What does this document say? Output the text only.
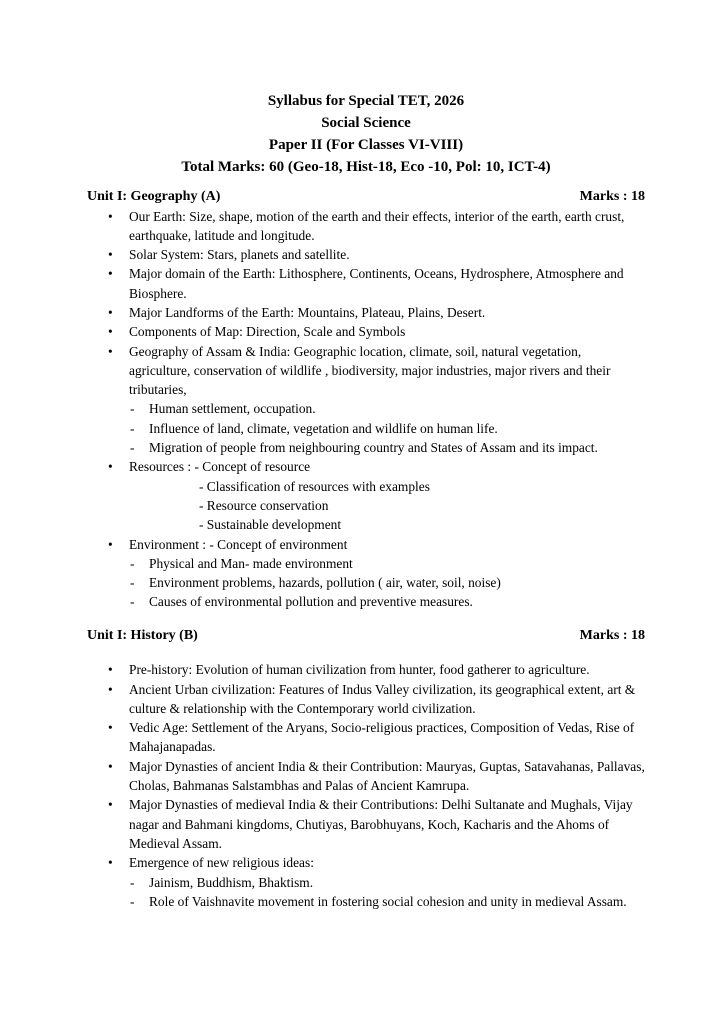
Syllabus for Special TET, 2026
Social Science
Paper II (For Classes VI-VIII)
Total Marks: 60 (Geo-18, Hist-18, Eco -10, Pol: 10, ICT-4)
Unit I: Geography (A)	Marks : 18
• Our Earth: Size, shape, motion of the earth and their effects, interior of the earth, earth crust, earthquake, latitude and longitude.
• Solar System: Stars, planets and satellite.
• Major domain of the Earth: Lithosphere, Continents, Oceans, Hydrosphere, Atmosphere and Biosphere.
• Major Landforms of the Earth: Mountains, Plateau, Plains, Desert.
• Components of Map: Direction, Scale and Symbols
• Geography of Assam & India: Geographic location, climate, soil, natural vegetation, agriculture, conservation of wildlife , biodiversity, major industries, major rivers and their tributaries,
- Human settlement, occupation.
- Influence of land, climate, vegetation and wildlife on human life.
- Migration of people from neighbouring country and States of Assam and its impact.
• Resources : - Concept of resource
- Classification of resources with examples
- Resource conservation
- Sustainable development
• Environment : - Concept of environment
- Physical and Man- made environment
- Environment problems, hazards, pollution ( air, water, soil, noise)
- Causes of environmental pollution and preventive measures.
Unit I: History (B)	Marks : 18
• Pre-history: Evolution of human civilization from hunter, food gatherer to agriculture.
• Ancient Urban civilization: Features of Indus Valley civilization, its geographical extent, art & culture & relationship with the Contemporary world civilization.
• Vedic Age: Settlement of the Aryans, Socio-religious practices, Composition of Vedas, Rise of Mahajanapadas.
• Major Dynasties of ancient India & their Contribution: Mauryas, Guptas, Satavahanas, Pallavas, Cholas, Bahmanas Salstambhas and Palas of Ancient Kamrupa.
• Major Dynasties of medieval India & their Contributions: Delhi Sultanate and Mughals, Vijay nagar and Bahmani kingdoms, Chutiyas, Barobhuyans, Koch, Kacharis and the Ahoms of Medieval Assam.
• Emergence of new religious ideas:
- Jainism, Buddhism, Bhaktism.
- Role of Vaishnavite movement in fostering social cohesion and unity in medieval Assam.
